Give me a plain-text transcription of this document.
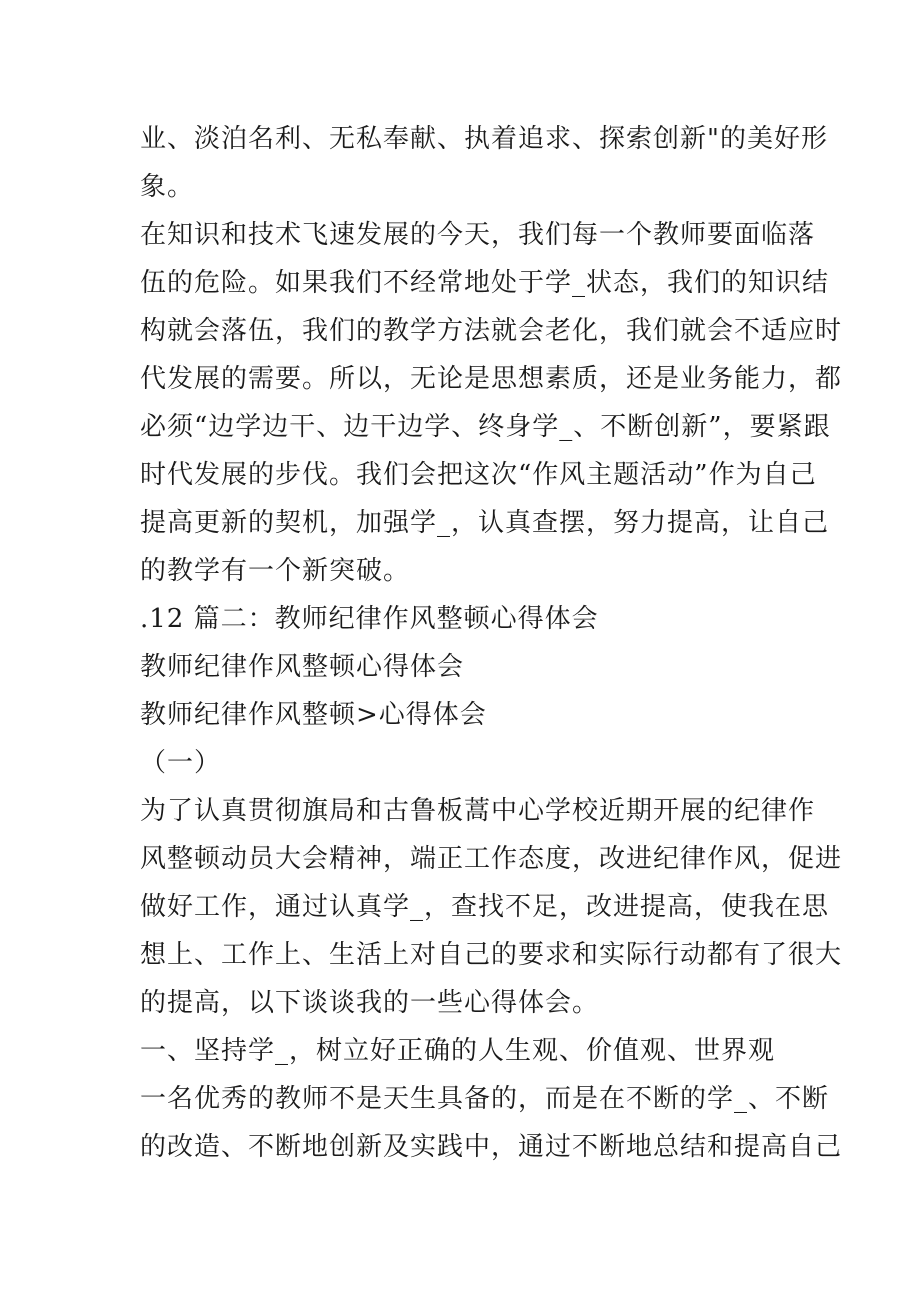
业、淡泊名利、无私奉献、执着追求、探索创新"的美好形
象。
在知识和技术飞速发展的今天，我们每一个教师要面临落
伍的危险。如果我们不经常地处于学_状态，我们的知识结
构就会落伍，我们的教学方法就会老化，我们就会不适应时
代发展的需要。所以，无论是思想素质，还是业务能力，都
必须“边学边干、边干边学、终身学_、不断创新”，要紧跟
时代发展的步伐。我们会把这次“作风主题活动”作为自己
提高更新的契机，加强学_，认真查摆，努力提高，让自己
的教学有一个新突破。
.12 篇二：教师纪律作风整顿心得体会
教师纪律作风整顿心得体会
教师纪律作风整顿>心得体会
（一）
为了认真贯彻旗局和古鲁板蒿中心学校近期开展的纪律作
风整顿动员大会精神，端正工作态度，改进纪律作风，促进
做好工作，通过认真学_，查找不足，改进提高，使我在思
想上、工作上、生活上对自己的要求和实际行动都有了很大
的提高，以下谈谈我的一些心得体会。
一、坚持学_，树立好正确的人生观、价值观、世界观
一名优秀的教师不是天生具备的，而是在不断的学_、不断
的改造、不断地创新及实践中，通过不断地总结和提高自己
